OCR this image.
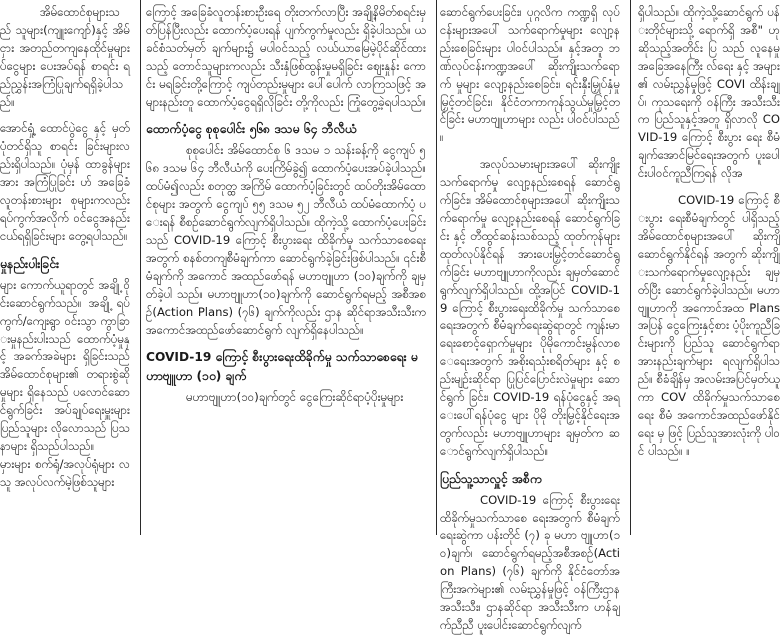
အိမ်ထောင်စုများသည် သူများ(ကျူးကျော်)နှင့် အိမ်ငှား အတည်တကျနေထိုင်မှုများ ပ်ငွေများ ပေးအပ်ရန် စာရင်း ရည်ညွှန်းအကြံပြုချက်ရရှိခဲ့ပါသည်။

အောင်ရှုံ့ ထောင်ပွဲငွေ နှင့် မှတ်ပုံတင်ရှိသူ စာရင်း ခြင်းများလည်းရှိပါသည်။ ပုံမှန် ထာခွန်များအား အကြံပြုခြင်း ဟ် အခြေခံလူတန်းစားများ စုများကလည်း ရပ်ကွက်အလိုက် ဝင်ငွေအနည်းငယ်ရရှိခြင်းများ တွေ့ရပါသည်။

မှုနည်းပါးခြင်း

များ ကောက်ယူရာတွင် အချို့ ဝိုင်းဆောင်ရွက်သည်။ အချို့ ရပ်ကွက်/ကျေးရွာ ဝင်းသွာ ကွာခြားမှုနည်းပါးသည် ထောက်ပံ့မှုနှင့် အခက်အခဲများ ရှိခြင်းသည် အိမ်ထောင်စုများ၏ တရားစွဲဆိုမှုများ ရှိနေသည် ပလောင်ဆောင်ရွက်ခြင်း အပ်ချုပ်ရေးမှူးများ ပြည်သူများ လိုလောသည် ပြသနာများ ရှိသည်ပါသည်။

မှားများ စက်ရုံ/အလုပ်ရုံများ လသူ အလုပ်လက်မဲ့ဖြစ်သူများ

ကြောင့် အခြေခံလူတန်းစားဦးရေ တိုးတက်လာပြီး အချို့နိမိတ်စရင်းမှတ်ပြန်ပြီးလည်း ထောက်ပံ့ပေးရန် ပျက်ကွက်မှုလည်း ရှိခဲ့ပါသည်။ ယခင်စံသတ်မှတ် ချက်များ၌ မပါဝင်သည့် လယ်ယာမြေမဲ့ပိုင်ဆိုင်ထားသည့် တောင်သူများကလည်း သီးနှံဖြစ်ထွန်းမှုမရှိခြင်း ဈေးနှုန်း ကောင်း မရခြင်းတို့ကြောင့် ကျပ်တည်းမှုများ ပေါ်ပေါက် လာကြသဖြင့် အများနည်းတူ ထောက်ပံ့ငွေရရှိလိုခြင်း တို့ကိုလည်း ကြုံတွေ့ခဲ့ရပါသည်။

ထောက်ပံ့ငွေ စုစုပေါင်း ၅၆၈ ဒသမ ၆၄ ဘီလီယံ

စုစုပေါင်း အိမ်ထောင်စု ၆ ဒသမ ၁ သန်းခန့်ကို ငွေကျပ် ၅၆၈ ဒသမ ၆၄ ဘီလီယံကို ပေးကြိမ်ခွဲ၍ ထောက်ပံ့ပေးအပ်ခဲ့ပါသည်။ ထပ်မံ၍လည်း စတုတ္ထ အကြိမ် ထောက်ပံ့ခြင်းတွင် ထပ်တိုးအိမ်ထောင်စုများ အတွက် ငွေကျပ် ၅၅ ဒသမ ၅၂ ဘီလီယံ ထပ်မံထောက်ပံ့ ပေးရန် စီစဉ်ဆောင်ရွက်လျက်ရှိပါသည်။ ထိုကဲ့သို့ ထောက်ပံ့ပေးခြင်းသည် COVID-19 ကြောင့် စီးပွားရေး ထိခိုက်မှု သက်သာစေရေးအတွက် စနစ်တကျစီမံချက်ကာ ဆောင်ရွက်ခဲ့ခြင်းဖြစ်ပါသည်။ ၎င်းစီမံချက်ကို အကောင် အထည်ဖော်ရန် မဟာဗျူဟာ (၁၀)ချက်ကို ချမှတ်ခဲ့ပါ သည်။ မဟာဗျူဟာ(၁၀)ချက်ကို ဆောင်ရွက်ရမည့် အစီအစဉ်(Action Plans) (၇၆) ချက်ကိုလည်း ဌာန ဆိုင်ရာအသီးသီးက အကောင်အထည်ဖော်ဆောင်ရွက် လျက်ရှိနေပါသည်။

COVID-19 ကြောင့် စီးပွားရေးထိခိုက်မှု သက်သာစေရေး မဟာဗျူဟာ (၁၀) ချက်

မဟာဗျူဟာ(၁၀)ချက်တွင် ငွေကြေးဆိုင်ရာပံ့ပိုးမှုများ

ဆောင်ရွက်ပေးခြင်း၊ ပုဂ္ဂလိက ကဏ္ဍရှိ လုပ်ငန်းများအပေါ် သက်ရောက်မှုများ လျော့နည်းစေခြင်းများ ပါဝင်ပါသည်။ နှင့်အတူ ဘဏ်လုပ်ငန်းကဏ္ဍအပေါ် ဆိုးကျိုးသက်ရောက် မှုများ လျော့နည်းစေခြင်း၊ ရင်းနှီးမြှုပ်နှံမှု မြှင့်တင်ခြင်း၊ နိုင်ငံတကာကုန်သွယ်မှုမြှင့်တင်ခြင်း မဟာဗျူဟာများ လည်း ပါဝင်ပါသည်။

အလုပ်သမားများအပေါ် ဆိုးကျိုးသက်ရောက်မှု လျော့နည်းစေရန် ဆောင်ရွက်ခြင်း၊ အိမ်ထောင်စုများအပေါ် ဆိုးကျိုးသက်ရောက်မှု လျော့နည်းစေရန် ဆောင်ရွက်ခြင်း နှင့် တီထွင်ဆန်းသစ်သည့် ထုတ်ကုန်များ ထုတ်လုပ်နိုင်ရန် အားပေးမြှင့်တင်ဆောင်ရွက်ခြင်း မဟာဗျူဟာကိုလည်း ချမှတ်ဆောင်ရွက်လျက်ရှိပါသည်။ ထို့အပြင် COVID-19 ကြောင့် စီးပွားရေးထိခိုက်မှု သက်သာစေရေးအတွက် စီမံချက်ရေးဆွဲရာတွင် ကျန်းမာရေးစောင့်ရှောက်မှုများ ပိုမိုကောင်းမွန်လာစေရေးအတွက် အစိုးရသုံးစရိတ်များ နှင့် စည်းမျဉ်းဆိုင်ရာ ပြုပြင်ပြောင်းလဲမှုများ ဆောင်ရွက် ခြင်း၊ COVID-19 ရန်ပုံငွေနှင့် အရေးပေါ်ရန်ပုံငွေ များ ပိုမို တိုးမြှင့်နိုင်ရေးအတွက်လည်း မဟာဗျူဟာများ ချမှတ်က ဆောင်ရွက်လျက်ရှိပါသည်။

ပြည်သူ့သာလှူင့် အစီက

COVID-19 ကြောင့် စီးပွားရေးထိခိုက်မှုသက်သာစေ ရေးအတွက် စီမံချက်ရေးဆွဲကာ ပန်းတိုင် (၇) ခု မဟာ ဗျူဟာ(၁၀)ချက်၊ ဆောင်ရွက်ရမည့်အစီအစဉ်(Action Plans) (၇၆) ချက်ကို နိုင်ငံတော်အကြီးအကဲများ၏ လမ်းညွှန်မှုဖြင့် ဝန်ကြီးဌာနအသီးသီး၊ ဌာနဆိုင်ရာ အသီးသီးက ဟန်ချက်ညီညီ ပူးပေါင်းဆောင်ရွက်လျက်

ရှိပါသည်။ ထိုကဲ့သို့ဆောင်ရွက် ပန်းတိုင်များသို့ ရောက်ရှိ အစီ" ဟုဆိုသည့်အတိုင်း ပြ သည် လူနေမှုအခြေအနေကြီး လ်ရေး နှင့် အများ၏ လမ်းညွှန်မှုဖြင့် COVI ထိန်းချုပ်၊ ကုသရေးကို ဝန်ကြီး အသီးသီးက ပြည်သူနှင့်အတူ ရှိလာလို COVID-19 ကြောင့် စီးပွား ရေး စီမံချက်အောင်မြင်ရေးအတွက် ပူးပေါင်းပါဝင်ကူညီကြရန် လိုအ

COVID-19 ကြောင့် စီးပွား ရေးစီမံချက်တွင် ပါရှိသည့် အိမ်ထောင်စုများအပေါ် ဆိုးကျိ ဆောင်ရွက်နိုင်ရန် အတွက် ဆိုးကျိုးသက်ရောက်မှုလျော့နည်း ချမှတ်ပြီး ဆောင်ရွက်ခဲ့ပါသည်။ မဟာဗျူဟာကို အကောင်အထ Plans အပြန် ငွေကြေးနှင့်စား ပံ့ပိုးကူညီခြင်းများကို ပြည်သူ ဆောင်ရွက်ရာ အားနည်းချက်များ ရလျက်ရှိပါသည်။ စီခံချိန်မှ အလမ်းအပြင်မှတ်ယူကာ COV ထိခိုက်မှုသက်သာစေရေး စီမံ အကောင်အထည်ဖော်နိုင်ရေး မှ ဖြင့် ပြည်သူအားလုံးကို ပါဝင် ပါသည်။ ။
